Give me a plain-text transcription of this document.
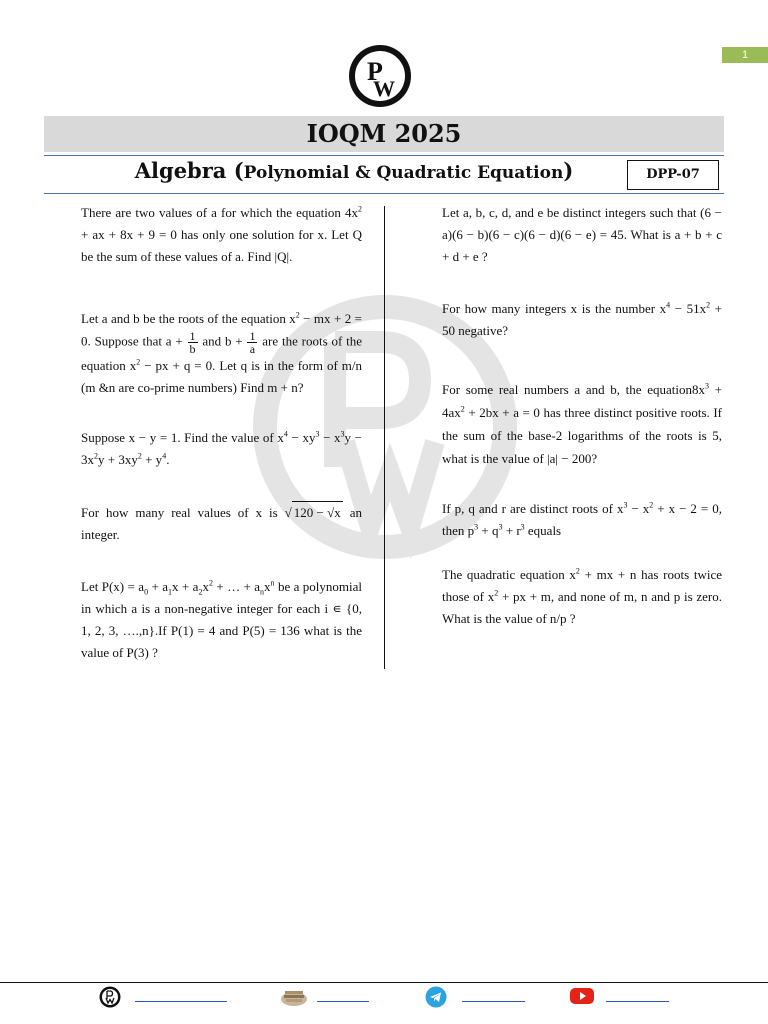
1
P
W
IOQM 2025
Algebra (Polynomial & Quadratic Equation)	DPP-07

There are two values of a for which the equation $4x^2$ + ax + 8x + 9 = 0 has only one solution for x. Let Q be the sum of these values of a. Find |Q|.

Let a and b be the roots of the equation $x^2$ − mx + 2 = 0. Suppose that $a + \frac{1}{b}$ and $b + \frac{1}{a}$ are the roots of the equation $x^2$ − px + q = 0. Let q is in the form of m/n (m &n are co-prime numbers) Find m + n?

Suppose x − y = 1. Find the value of $x^4 - xy^3 - x^3y - 3x^2y + 3xy^2 + y^4$.

For how many real values of x is √ 120 − √x an integer.

Let $P(x) = a_0 + a_1x + a_2x^2$ + … + $a_nx^n$ be a polynomial in which a is a non-negative integer for each i ∊ {0, 1, 2, 3, ….,n}.If P(1) = 4 and P(5) = 136 what is the value of P(3) ?

Let a, b, c, d, and e be distinct integers such that (6 − a)(6 − b)(6 − c)(6 − d)(6 − e) = 45. What is a + b + c + d + e ?

For how many integers x is the number $x^4 - 51x^2 + 50$ negative?

For some real numbers a and b, the $equation8x^3 + 4ax^2 + 2bx + a = 0$ has three distinct positive roots. If the sum of the base-2 logarithms of the roots is 5, what is the value of |a| − 200?

If p, q and r are distinct roots of $x^3 - x^2 + x - 2 = 0$, then $p^3 + q^3 + r^3$ equals

The quadratic equation $x^2$ + mx + n has roots twice those of $x^2$ + px + m, and none of m, n and p is zero. What is the value of n/p ?
